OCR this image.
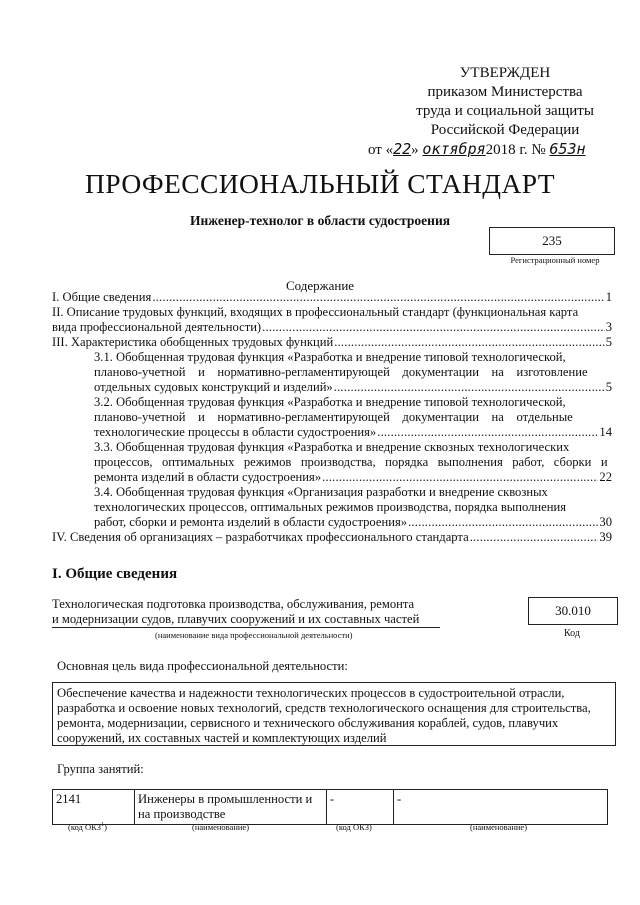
УТВЕРЖДЕН
приказом Министерства
труда и социальной защиты
Российской Федерации
от «22» октября2018 г. № 653н
ПРОФЕССИОНАЛЬНЫЙ СТАНДАРТ
Инженер-технолог в области судостроения
235
Регистрационный номер
Содержание
I. Общие сведения .....	1
II. Описание трудовых функций, входящих в профессиональный стандарт (функциональная карта
вида профессиональной деятельности) .....	3
III. Характеристика обобщенных трудовых функций .....	5
3.1. Обобщенная трудовая функция «Разработка и внедрение типовой технологической,
планово-учетной    и    нормативно-регламентирующей    документации    на    изготовление
отдельных судовых конструкций и изделий» .....	5
3.2. Обобщенная трудовая функция «Разработка и внедрение типовой технологической,
планово-учетной    и    нормативно-регламентирующей    документации    на    отдельные
технологические процессы в области судостроения» .....	14
3.3. Обобщенная трудовая функция «Разработка и внедрение сквозных технологических
процессов,   оптимальных   режимов   производства,   порядка   выполнения   работ,   сборки   и
ремонта изделий в области судостроения» .....	22
3.4. Обобщенная трудовая функция «Организация разработки и внедрение сквозных
технологических процессов, оптимальных режимов производства, порядка выполнения
работ, сборки и ремонта изделий в области судостроения» .....	30
IV. Сведения об организациях – разработчиках профессионального стандарта .....	39
I. Общие сведения
Технологическая подготовка производства, обслуживания, ремонта
и модернизации судов, плавучих сооружений и их составных частей
(наименование вида профессиональной деятельности)
30.010
Код
Основная цель вида профессиональной деятельности:
Обеспечение качества и надежности технологических процессов в судостроительной отрасли, разработка и освоение новых технологий, средств технологического оснащения для строительства, ремонта, модернизации, сервисного и технического обслуживания кораблей, судов, плавучих сооружений, их составных частей и комплектующих изделий
Группа занятий:
2141	Инженеры в промышленности и на производстве	-	-
(код ОКЗ$^1$)	(наименование)	(код ОКЗ)	(наименование)
